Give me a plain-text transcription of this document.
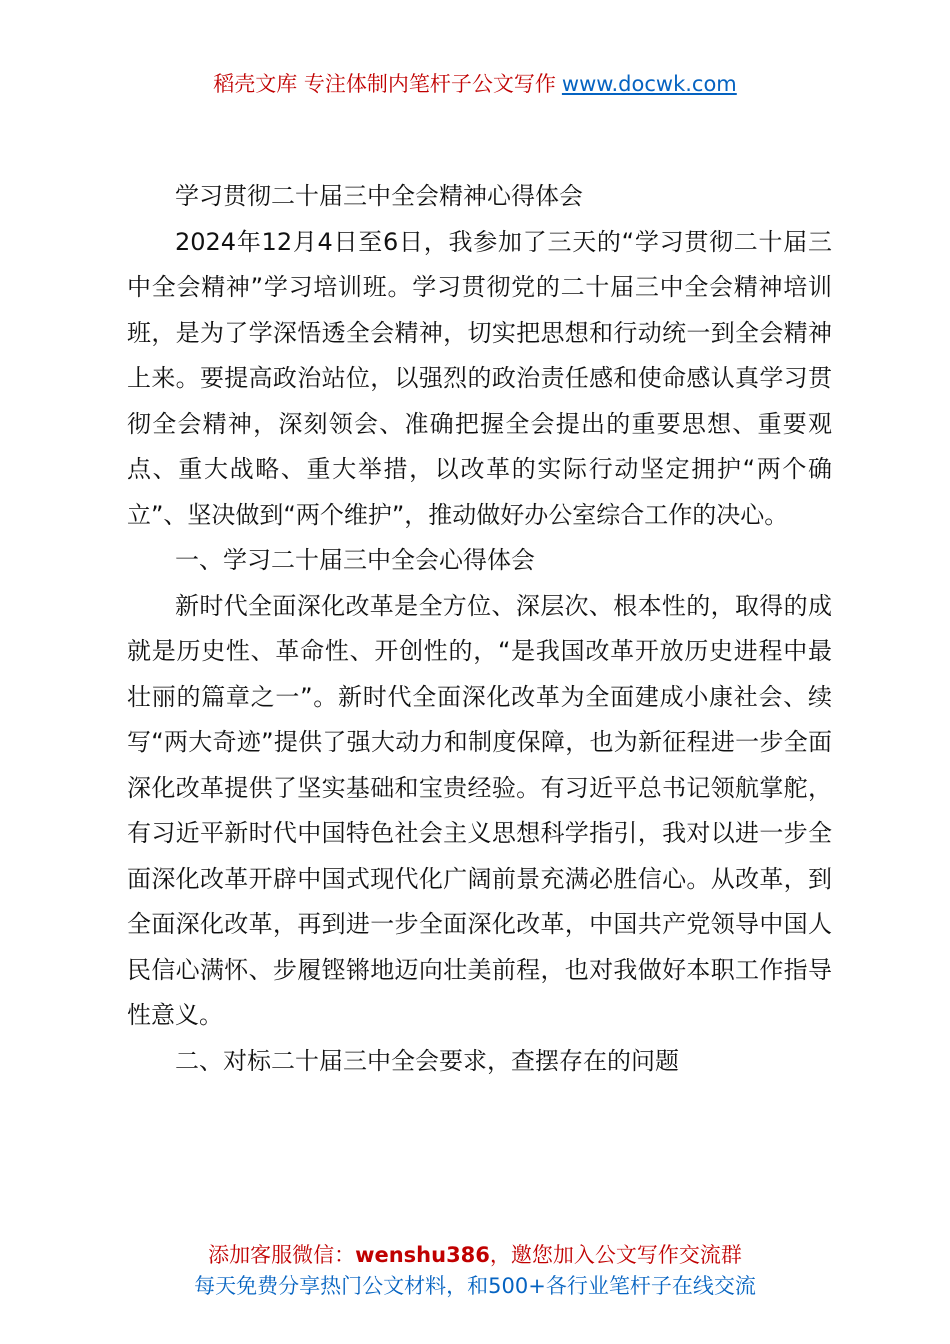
稻壳文库 专注体制内笔杆子公文写作 www.docwk.com

学习贯彻二十届三中全会精神心得体会

2024年12月4日至6日，我参加了三天的“学习贯彻二十届三中全会精神”学习培训班。学习贯彻党的二十届三中全会精神培训班，是为了学深悟透全会精神，切实把思想和行动统一到全会精神上来。要提高政治站位，以强烈的政治责任感和使命感认真学习贯彻全会精神，深刻领会、准确把握全会提出的重要思想、重要观点、重大战略、重大举措，以改革的实际行动坚定拥护“两个确立”、坚决做到“两个维护”，推动做好办公室综合工作的决心。

一、学习二十届三中全会心得体会

新时代全面深化改革是全方位、深层次、根本性的，取得的成就是历史性、革命性、开创性的，“是我国改革开放历史进程中最壮丽的篇章之一”。新时代全面深化改革为全面建成小康社会、续写“两大奇迹”提供了强大动力和制度保障，也为新征程进一步全面深化改革提供了坚实基础和宝贵经验。有习近平总书记领航掌舵，有习近平新时代中国特色社会主义思想科学指引，我对以进一步全面深化改革开辟中国式现代化广阔前景充满必胜信心。从改革，到全面深化改革，再到进一步全面深化改革，中国共产党领导中国人民信心满怀、步履铿锵地迈向壮美前程，也对我做好本职工作指导性意义。

二、对标二十届三中全会要求，查摆存在的问题

添加客服微信：wenshu386，邀您加入公文写作交流群
每天免费分享热门公文材料，和500+各行业笔杆子在线交流
